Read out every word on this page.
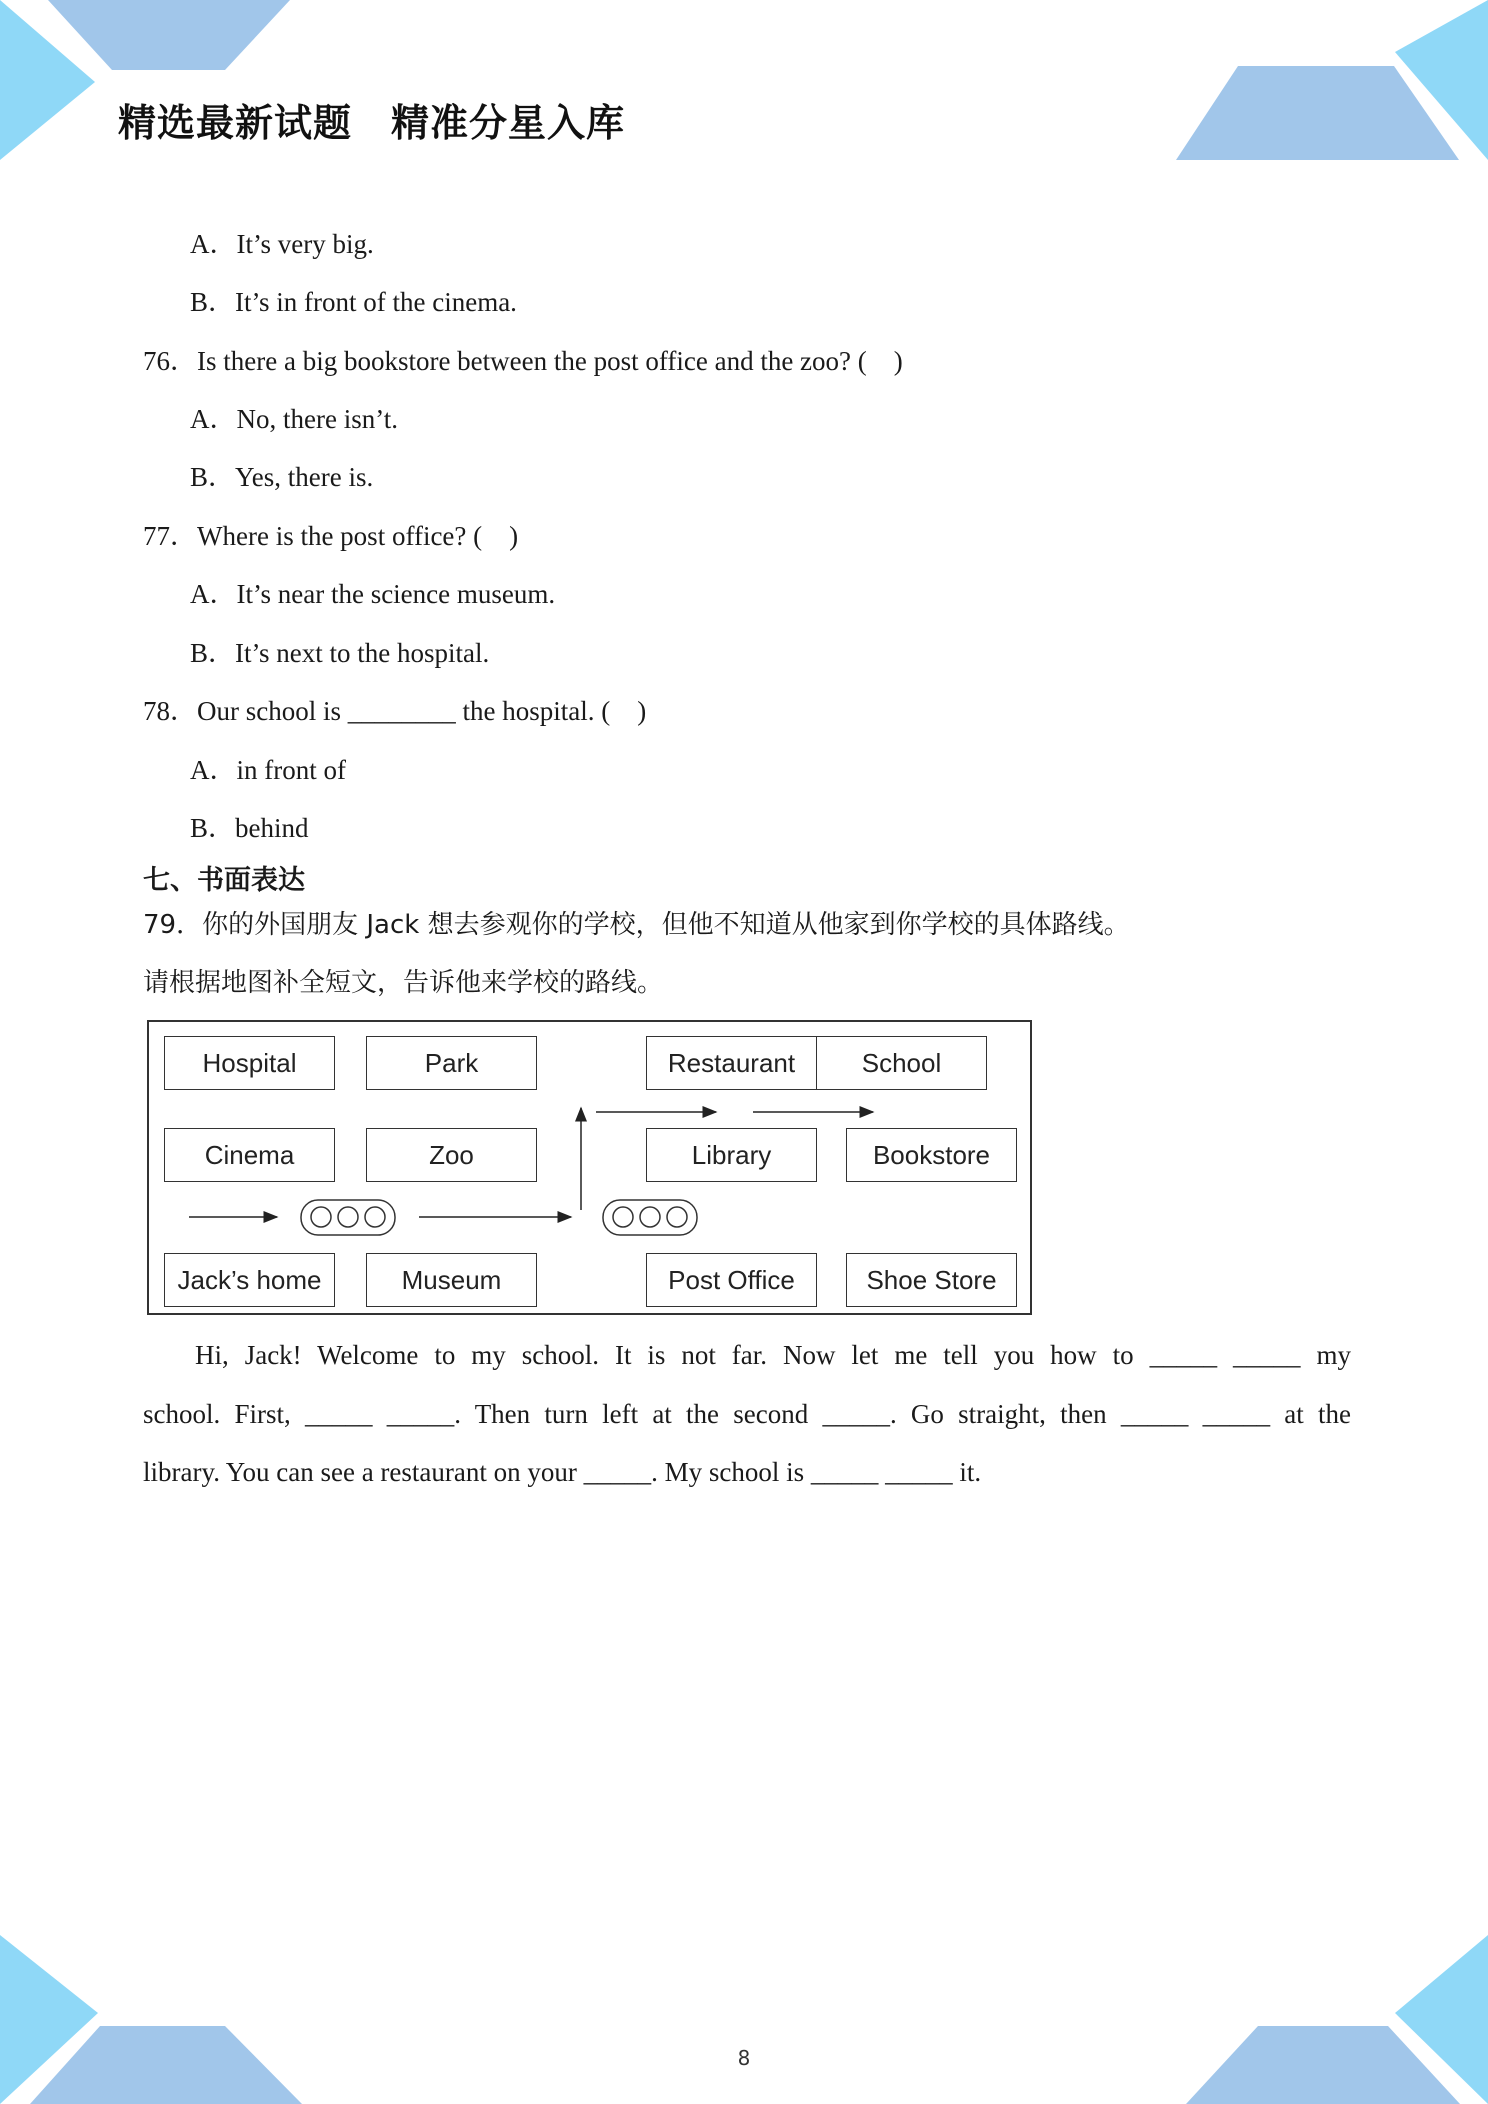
精选最新试题　精准分星入库
A．It’s very big.
B．It’s in front of the cinema.
76．Is there a big bookstore between the post office and the zoo? (　)
A．No, there isn’t.
B．Yes, there is.
77．Where is the post office? (　)
A．It’s near the science museum.
B．It’s next to the hospital.
78．Our school is ________ the hospital. (　)
A．in front of
B．behind
七、书面表达
79．你的外国朋友 Jack 想去参观你的学校，但他不知道从他家到你学校的具体路线。
请根据地图补全短文，告诉他来学校的路线。
Hospital	Park	Restaurant	School
Cinema	Zoo	Library	Bookstore
Jack’s home	Museum	Post Office	Shoe Store
Hi, Jack! Welcome to my school. It is not far. Now let me tell you how to _____ _____ my
school. First, _____ _____. Then turn left at the second _____. Go straight, then _____ _____ at the
library. You can see a restaurant on your _____. My school is _____ _____ it.
8
